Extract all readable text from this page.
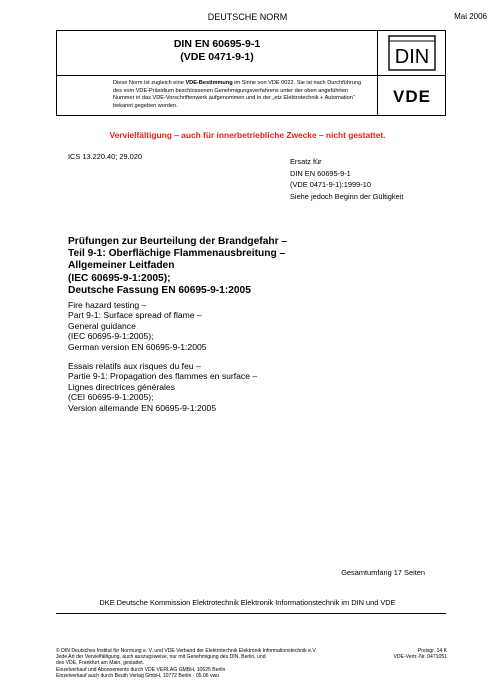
DEUTSCHE NORM	Mai 2006
DIN EN 60695-9-1
(VDE 0471-9-1)	DIN
Diese Norm ist zugleich eine VDE-Bestimmung im Sinne von VDE 0022. Sie ist nach Durchführung des vom VDE-Präsidium beschlossenen Genehmigungsverfahrens unter der oben angeführten Nummer in das VDE-Vorschriftenwerk aufgenommen und in der „etz Elektrotechnik + Automation“ bekannt gegeben worden.
VDE
Vervielfältigung – auch für innerbetriebliche Zwecke – nicht gestattet.
ICS 13.220.40; 29.020
Ersatz für
DIN EN 60695-9-1
(VDE 0471-9-1):1999-10
Siehe jedoch Beginn der Gültigkeit
Prüfungen zur Beurteilung der Brandgefahr –
Teil 9-1: Oberflächige Flammenausbreitung –
Allgemeiner Leitfaden
(IEC 60695-9-1:2005);
Deutsche Fassung EN 60695-9-1:2005
Fire hazard testing –
Part 9-1: Surface spread of flame –
General guidance
(IEC 60695-9-1:2005);
German version EN 60695-9-1:2005
Essais relatifs aux risques du feu –
Partie 9-1: Propagation des flammes en surface –
Lignes directrices générales
(CEI 60695-9-1:2005);
Version allemande EN 60695-9-1:2005
Gesamtumfang 17 Seiten
DKE Deutsche Kommission Elektrotechnik Elektronik Informationstechnik im DIN und VDE
© DIN Deutsches Institut für Normung e. V. und VDE Verband der Elektrotechnik Elektronik Informationstechnik e.V.
Jede Art der Vervielfältigung, auch auszugsweise, nur mit Genehmigung des DIN, Berlin, und
des VDE, Frankfurt am Main, gestattet.
Einzelverkauf und Abonnements durch VDE VERLAG GMBH, 10625 Berlin
Einzelverkauf auch durch Beuth Verlag GmbH, 10772 Berlin · 05.06 vwu
Preisgr. 14 K
VDE-Vertr.-Nr. 0471051
